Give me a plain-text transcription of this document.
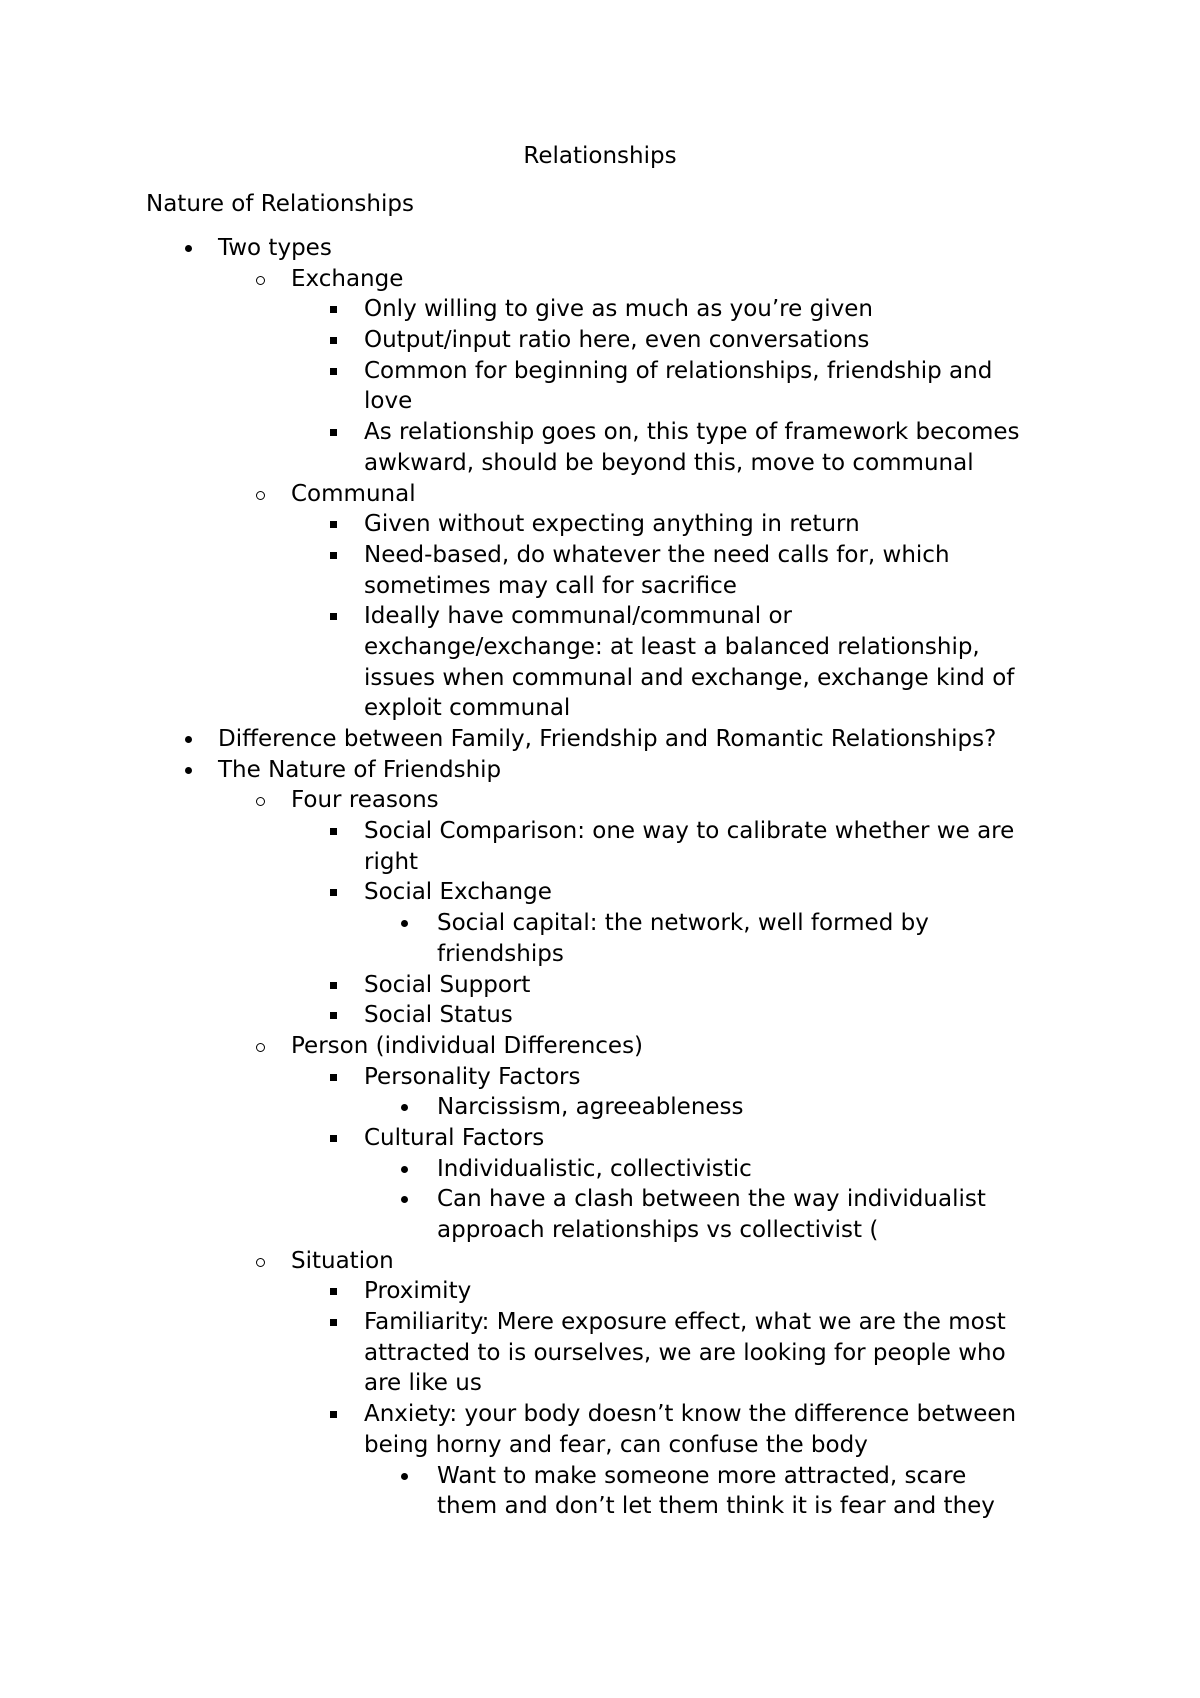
Relationships
Nature of Relationships
Two types
Exchange
Only willing to give as much as you’re given
Output/input ratio here, even conversations
Common for beginning of relationships, friendship and
love
As relationship goes on, this type of framework becomes
awkward, should be beyond this, move to communal
Communal
Given without expecting anything in return
Need-based, do whatever the need calls for, which
sometimes may call for sacrifice
Ideally have communal/communal or
exchange/exchange: at least a balanced relationship,
issues when communal and exchange, exchange kind of
exploit communal
Difference between Family, Friendship and Romantic Relationships?
The Nature of Friendship
Four reasons
Social Comparison: one way to calibrate whether we are
right
Social Exchange
Social capital: the network, well formed by
friendships
Social Support
Social Status
Person (individual Differences)
Personality Factors
Narcissism, agreeableness
Cultural Factors
Individualistic, collectivistic
Can have a clash between the way individualist
approach relationships vs collectivist (
Situation
Proximity
Familiarity: Mere exposure effect, what we are the most
attracted to is ourselves, we are looking for people who
are like us
Anxiety: your body doesn’t know the difference between
being horny and fear, can confuse the body
Want to make someone more attracted, scare
them and don’t let them think it is fear and they
